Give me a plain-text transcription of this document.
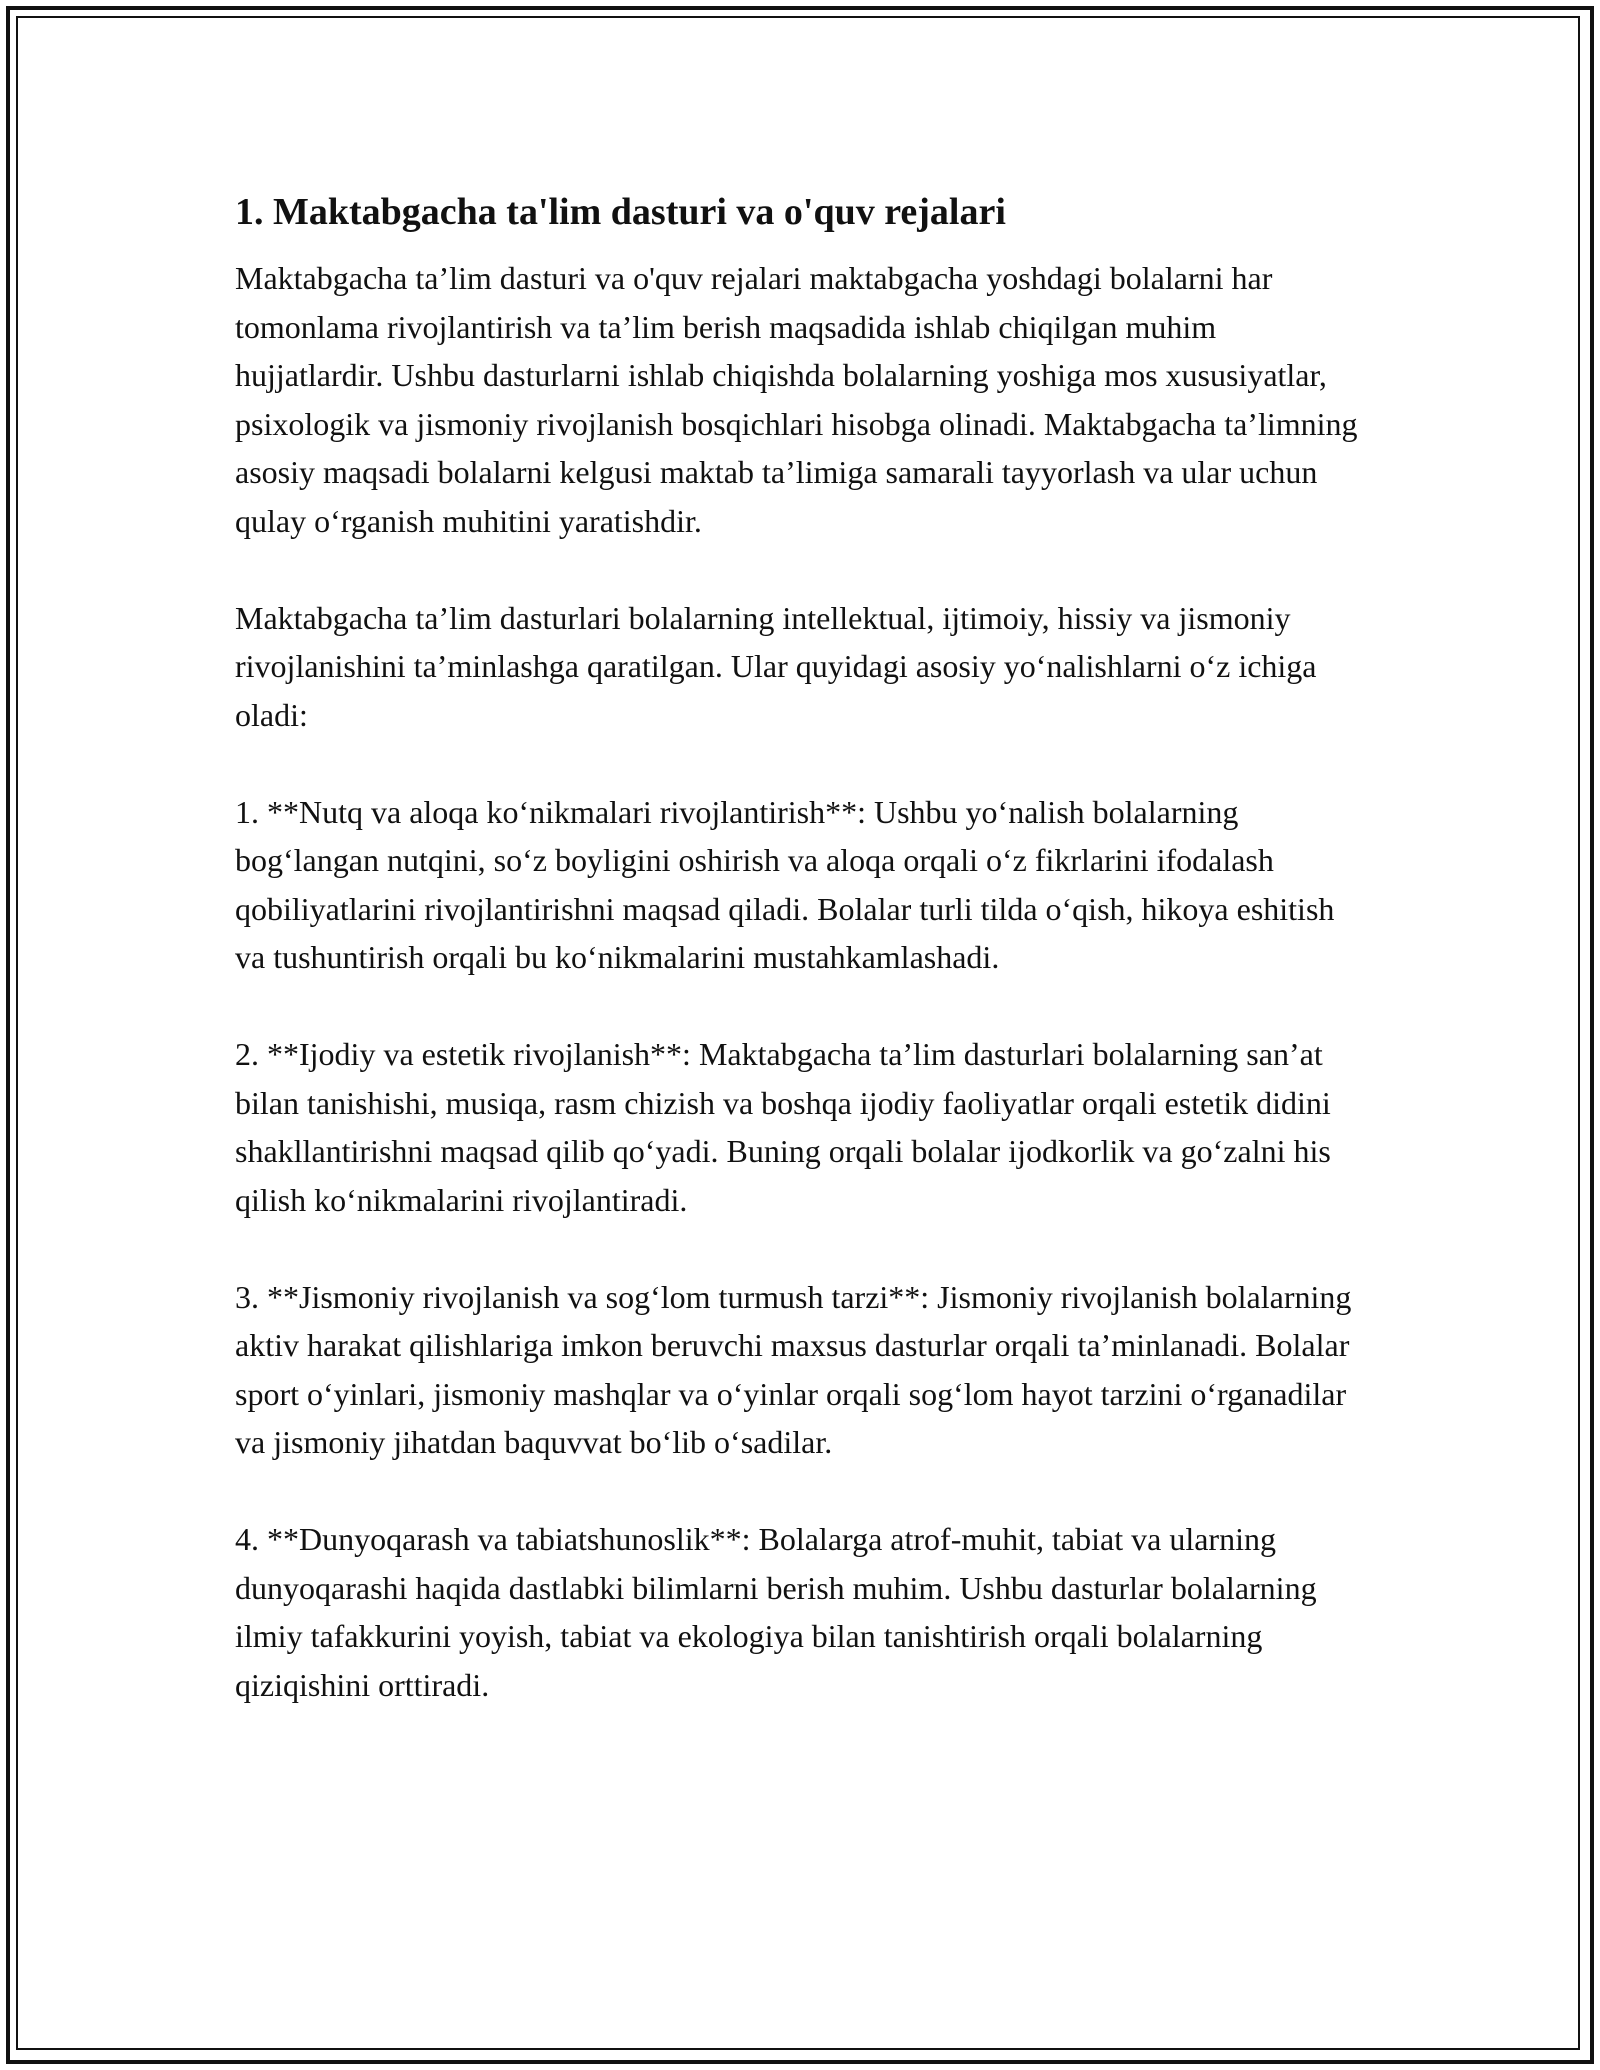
1. Maktabgacha ta'lim dasturi va o'quv rejalari

Maktabgacha ta’lim dasturi va o'quv rejalari maktabgacha yoshdagi bolalarni har tomonlama rivojlantirish va ta’lim berish maqsadida ishlab chiqilgan muhim hujjatlardir. Ushbu dasturlarni ishlab chiqishda bolalarning yoshiga mos xususiyatlar, psixologik va jismoniy rivojlanish bosqichlari hisobga olinadi. Maktabgacha ta’limning asosiy maqsadi bolalarni kelgusi maktab ta’limiga samarali tayyorlash va ular uchun qulay o‘rganish muhitini yaratishdir.

Maktabgacha ta’lim dasturlari bolalarning intellektual, ijtimoiy, hissiy va jismoniy rivojlanishini ta’minlashga qaratilgan. Ular quyidagi asosiy yo‘nalishlarni o‘z ichiga oladi:

1. **Nutq va aloqa ko‘nikmalari rivojlantirish**: Ushbu yo‘nalish bolalarning bog‘langan nutqini, so‘z boyligini oshirish va aloqa orqali o‘z fikrlarini ifodalash qobiliyatlarini rivojlantirishni maqsad qiladi. Bolalar turli tilda o‘qish, hikoya eshitish va tushuntirish orqali bu ko‘nikmalarini mustahkamlashadi.

2. **Ijodiy va estetik rivojlanish**: Maktabgacha ta’lim dasturlari bolalarning san’at bilan tanishishi, musiqa, rasm chizish va boshqa ijodiy faoliyatlar orqali estetik didini shakllantirishni maqsad qilib qo‘yadi. Buning orqali bolalar ijodkorlik va go‘zalni his qilish ko‘nikmalarini rivojlantiradi.

3. **Jismoniy rivojlanish va sog‘lom turmush tarzi**: Jismoniy rivojlanish bolalarning aktiv harakat qilishlariga imkon beruvchi maxsus dasturlar orqali ta’minlanadi. Bolalar sport o‘yinlari, jismoniy mashqlar va o‘yinlar orqali sog‘lom hayot tarzini o‘rganadilar va jismoniy jihatdan baquvvat bo‘lib o‘sadilar.

4. **Dunyoqarash va tabiatshunoslik**: Bolalarga atrof-muhit, tabiat va ularning dunyoqarashi haqida dastlabki bilimlarni berish muhim. Ushbu dasturlar bolalarning ilmiy tafakkurini yoyish, tabiat va ekologiya bilan tanishtirish orqali bolalarning qiziqishini orttiradi.
